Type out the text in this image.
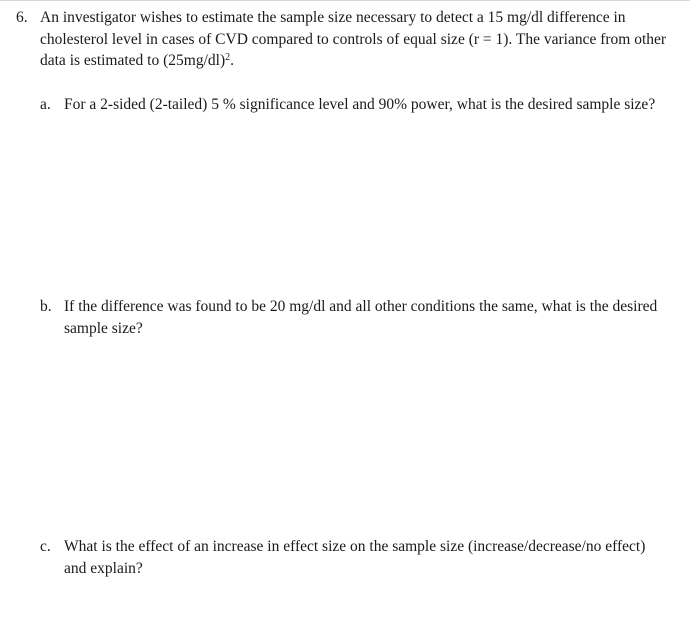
6. An investigator wishes to estimate the sample size necessary to detect a 15 mg/dl difference in cholesterol level in cases of CVD compared to controls of equal size (r = 1). The variance from other data is estimated to $(25mg/dl)^2$.
a. For a 2-sided (2-tailed) 5 % significance level and 90% power, what is the desired sample size?
b. If the difference was found to be 20 mg/dl and all other conditions the same, what is the desired sample size?
c. What is the effect of an increase in effect size on the sample size (increase/decrease/no effect) and explain?
